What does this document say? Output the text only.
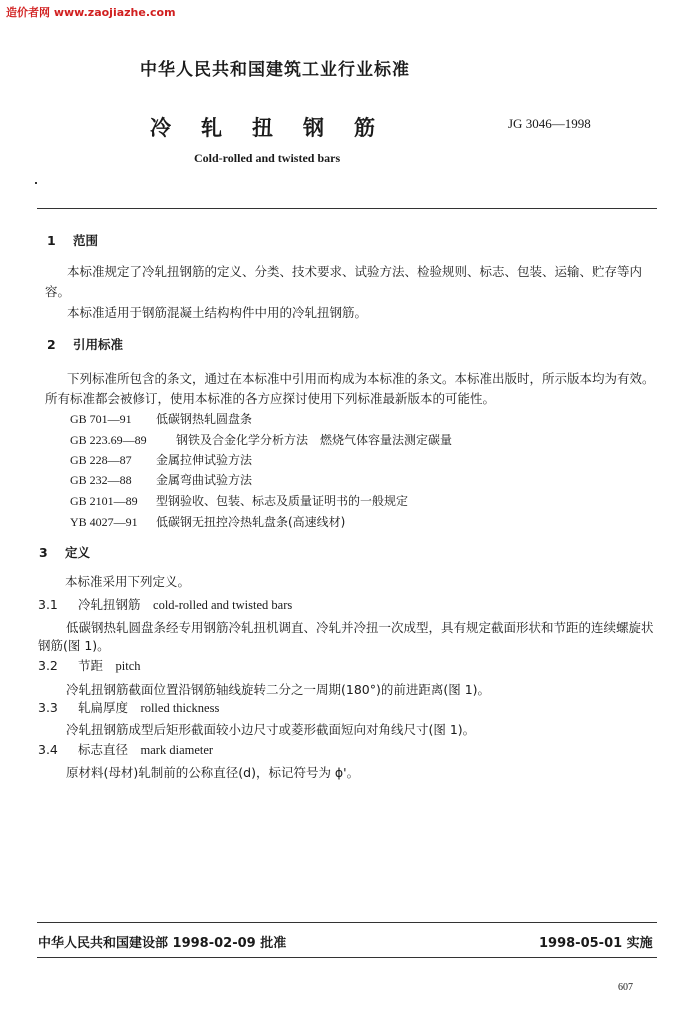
造价者网 www.zaojiazhe.com
中华人民共和国建筑工业行业标准
冷轧扭钢筋	JG 3046—1998
Cold-rolled and twisted bars
1 范围
本标准规定了冷轧扭钢筋的定义、分类、技术要求、试验方法、检验规则、标志、包装、运输、贮存等内容。
本标准适用于钢筋混凝土结构构件中用的冷轧扭钢筋。
2 引用标准
下列标准所包含的条文，通过在本标准中引用而构成为本标准的条文。本标准出版时，所示版本均为有效。所有标准都会被修订，使用本标准的各方应探讨使用下列标准最新版本的可能性。
GB 701—91 低碳钢热轧圆盘条
GB 223.69—89 钢铁及合金化学分析方法　燃烧气体容量法测定碳量
GB 228—87 金属拉伸试验方法
GB 232—88 金属弯曲试验方法
GB 2101—89 型钢验收、包装、标志及质量证明书的一般规定
YB 4027—91 低碳钢无扭控冷热轧盘条(高速线材)
3 定义
本标准采用下列定义。
3.1 冷轧扭钢筋　 cold-rolled and twisted bars
低碳钢热轧圆盘条经专用钢筋冷轧扭机调直、冷轧并冷扭一次成型，具有规定截面形状和节距的连续螺旋状钢筋(图 1)。
3.2 节距　 pitch
冷轧扭钢筋截面位置沿钢筋轴线旋转二分之一周期(180°)的前进距离(图 1)。
3.3 轧扁厚度　 rolled thickness
冷轧扭钢筋成型后矩形截面较小边尺寸或菱形截面短向对角线尺寸(图 1)。
3.4 标志直径　 mark diameter
原材料(母材)轧制前的公称直径(d)，标记符号为 ϕ'。
中华人民共和国建设部 1998-02-09 批准	1998-05-01 实施
607
